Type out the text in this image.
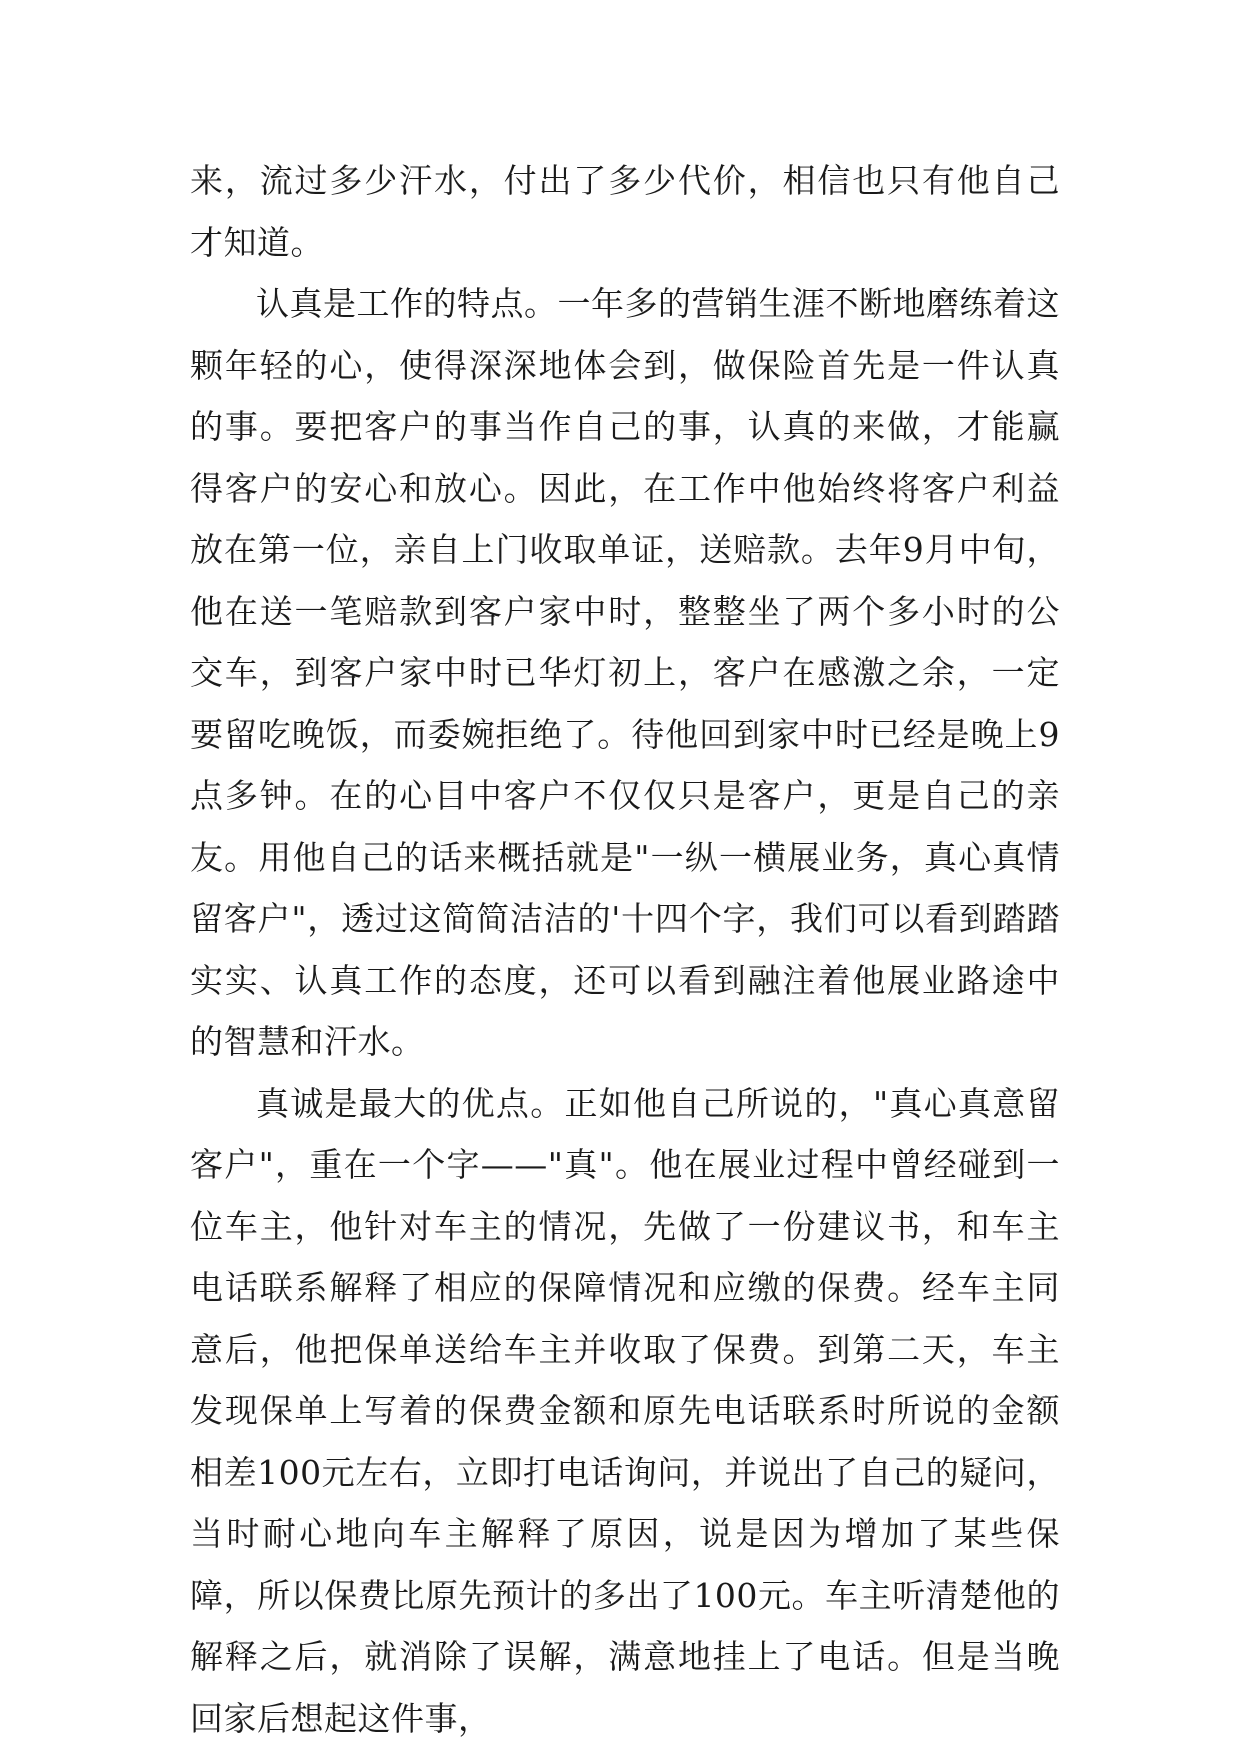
来，流过多少汗水，付出了多少代价，相信也只有他自己才知道。

认真是工作的特点。一年多的营销生涯不断地磨练着这颗年轻的心，使得深深地体会到，做保险首先是一件认真的事。要把客户的事当作自己的事，认真的来做，才能赢得客户的安心和放心。因此，在工作中他始终将客户利益放在第一位，亲自上门收取单证，送赔款。去年9月中旬，他在送一笔赔款到客户家中时，整整坐了两个多小时的公交车，到客户家中时已华灯初上，客户在感激之余，一定要留吃晚饭，而委婉拒绝了。待他回到家中时已经是晚上9点多钟。在的心目中客户不仅仅只是客户，更是自己的亲友。用他自己的话来概括就是"一纵一横展业务，真心真情留客户"，透过这简简洁洁的'十四个字，我们可以看到踏踏实实、认真工作的态度，还可以看到融注着他展业路途中的智慧和汗水。

真诚是最大的优点。正如他自己所说的，"真心真意留客户"，重在一个字——"真"。他在展业过程中曾经碰到一位车主，他针对车主的情况，先做了一份建议书，和车主电话联系解释了相应的保障情况和应缴的保费。经车主同意后，他把保单送给车主并收取了保费。到第二天，车主发现保单上写着的保费金额和原先电话联系时所说的金额相差100元左右，立即打电话询问，并说出了自己的疑问，当时耐心地向车主解释了原因，说是因为增加了某些保障，所以保费比原先预计的多出了100元。车主听清楚他的解释之后，就消除了误解，满意地挂上了电话。但是当晚回家后想起这件事，
